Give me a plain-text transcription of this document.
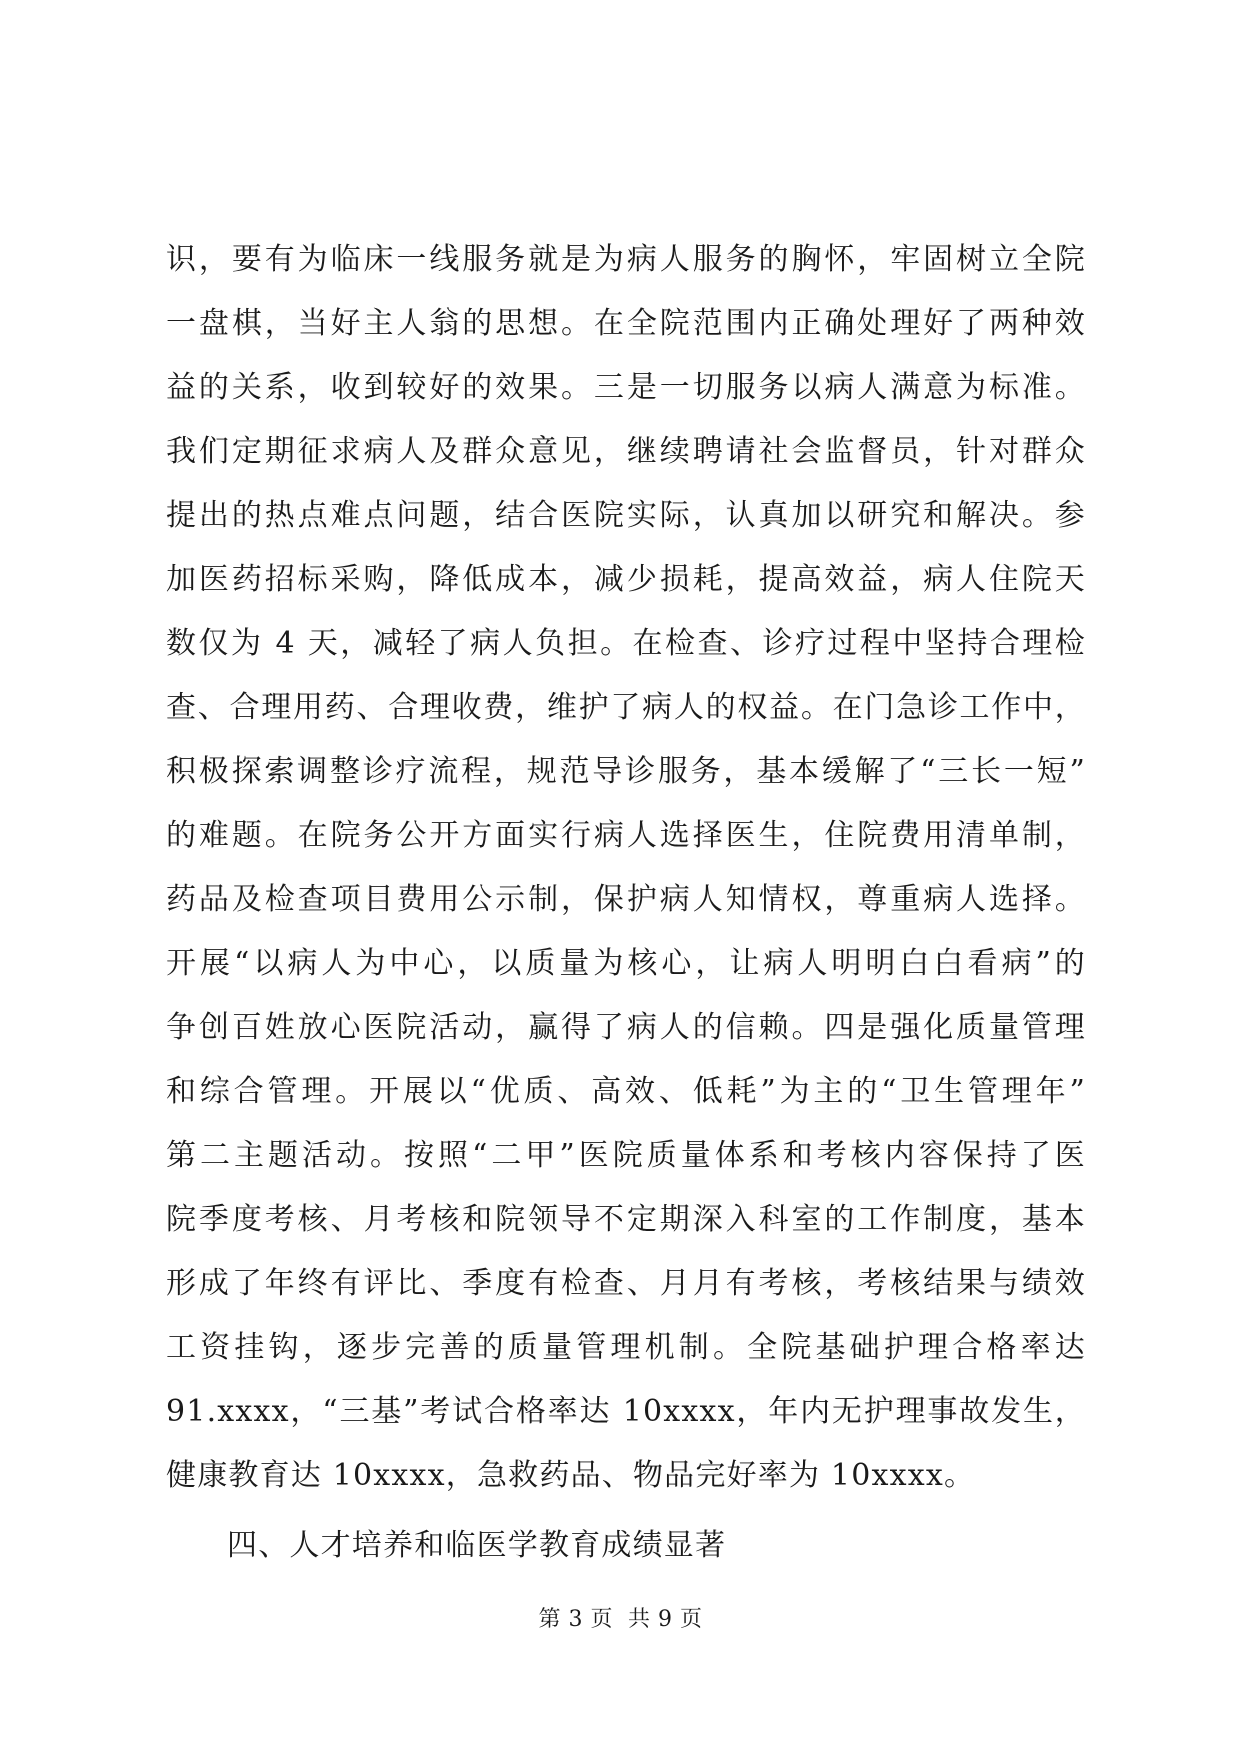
识，要有为临床一线服务就是为病人服务的胸怀，牢固树立全院
一盘棋，当好主人翁的思想。在全院范围内正确处理好了两种效
益的关系，收到较好的效果。三是一切服务以病人满意为标准。
我们定期征求病人及群众意见，继续聘请社会监督员，针对群众
提出的热点难点问题，结合医院实际，认真加以研究和解决。参
加医药招标采购，降低成本，减少损耗，提高效益，病人住院天
数仅为 4 天，减轻了病人负担。在检查、诊疗过程中坚持合理检
查、合理用药、合理收费，维护了病人的权益。在门急诊工作中，
积极探索调整诊疗流程，规范导诊服务，基本缓解了“三长一短”
的难题。在院务公开方面实行病人选择医生，住院费用清单制，
药品及检查项目费用公示制，保护病人知情权，尊重病人选择。
开展“以病人为中心，以质量为核心，让病人明明白白看病”的
争创百姓放心医院活动，赢得了病人的信赖。四是强化质量管理
和综合管理。开展以“优质、高效、低耗”为主的“卫生管理年”
第二主题活动。按照“二甲”医院质量体系和考核内容保持了医
院季度考核、月考核和院领导不定期深入科室的工作制度，基本
形成了年终有评比、季度有检查、月月有考核，考核结果与绩效
工资挂钩，逐步完善的质量管理机制。全院基础护理合格率达
91.xxxx，“三基”考试合格率达 10xxxx，年内无护理事故发生，
健康教育达 10xxxx，急救药品、物品完好率为 10xxxx。
四、人才培养和临医学教育成绩显著
第 3 页  共 9 页
